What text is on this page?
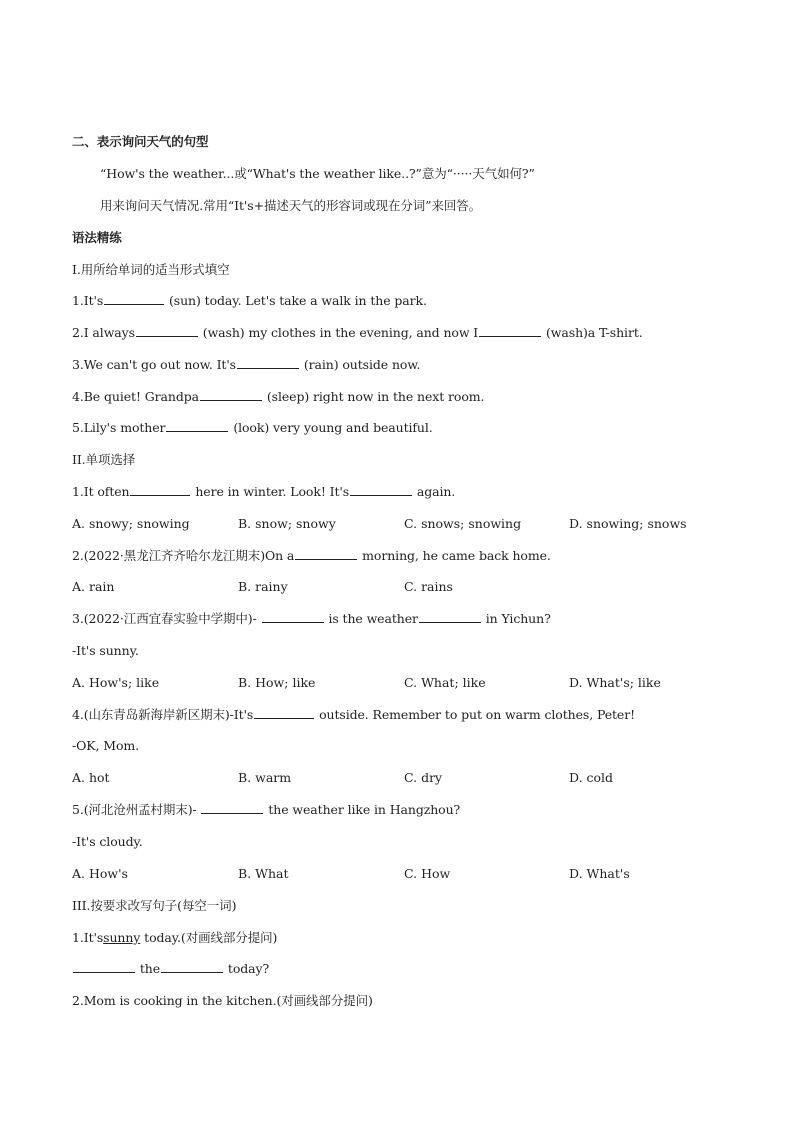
二、表示询问天气的句型
“How's the weather...或“What's the weather like..?”意为“·····天气如何?”
用来询问天气情况.常用“It's+描述天气的形容词或现在分词”来回答。
语法精练
I.用所给单词的适当形式填空
1.It's	(sun) today. Let's take a walk in the park.
2.I always	(wash) my clothes in the evening, and now I	(wash)a T-shirt.
3.We can't go out now. It's	(rain) outside now.
4.Be quiet! Grandpa	(sleep) right now in the next room.
5.Lily's mother	(look) very young and beautiful.
II.单项选择
1.It often	here in winter. Look! It's	again.
A. snowy; snowing	B. snow; snowy	C. snows; snowing	D. snowing; snows
2.(2022·黑龙江齐齐哈尔龙江期末)On a	morning, he came back home.
A. rain	B. rainy	C. rains
3.(2022·江西宜春实验中学期中)-	is the weather	in Yichun?
-It's sunny.
A. How's; like	B. How; like	C. What; like	D. What's; like
4.(山东青岛新海岸新区期末)-It's	outside. Remember to put on warm clothes, Peter!
-OK, Mom.
A. hot	B. warm	C. dry	D. cold
5.(河北沧州孟村期末)-	the weather like in Hangzhou?
-It's cloudy.
A. How's	B. What	C. How	D. What's
III.按要求改写句子(每空一词)
1.It'ssunny today.(对画线部分提问)
the	today?
2.Mom is cooking in the kitchen.(对画线部分提问)
